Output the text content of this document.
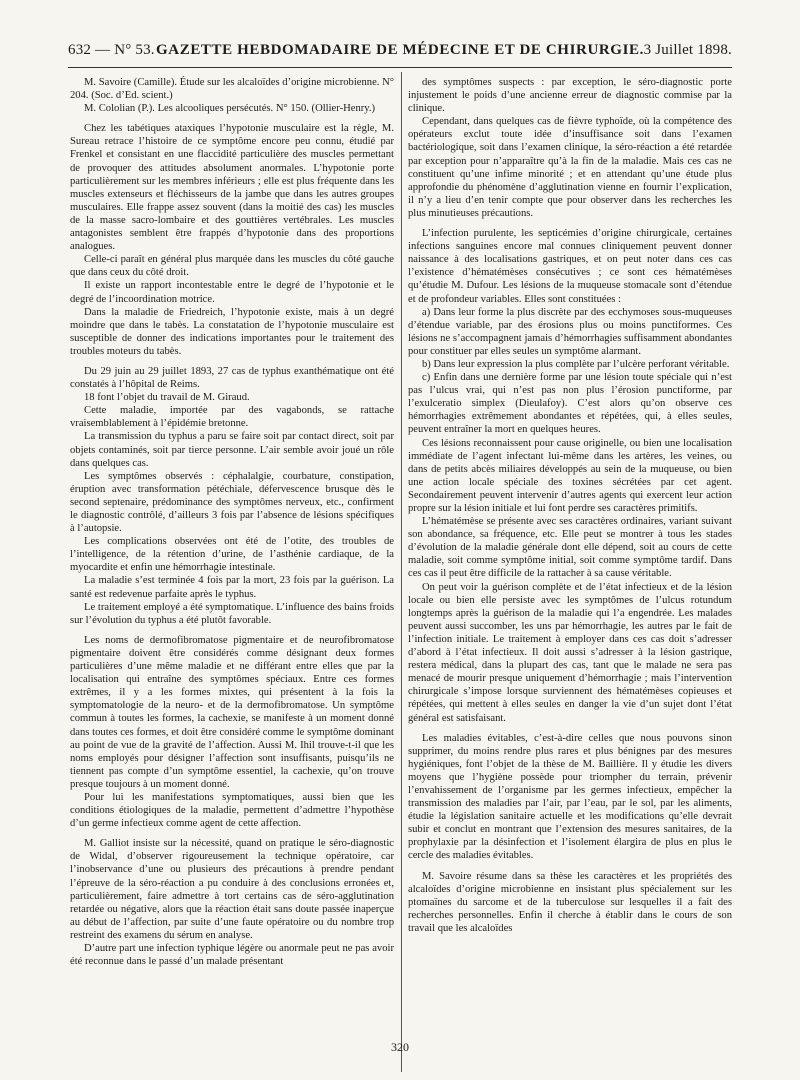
632 — N° 53. GAZETTE HEBDOMADAIRE DE MÉDECINE ET DE CHIRURGIE. 3 Juillet 1898.

M. Savoire (Camille). Étude sur les alcaloïdes d’origine microbienne. N° 204. (Soc. d’Ed. scient.)

M. Cololian (P.). Les alcooliques persécutés. N° 150. (Ollier-Henry.)

Chez les tabétiques ataxiques l’hypotonie musculaire est la règle, M. Sureau retrace l’histoire de ce symptôme encore peu connu, étudié par Frenkel et consistant en une flaccidité particulière des muscles permettant de provoquer des attitudes absolument anormales. L’hypotonie porte particulièrement sur les membres inférieurs ; elle est plus fréquente dans les muscles extenseurs et fléchisseurs de la jambe que dans les autres groupes musculaires. Elle frappe assez souvent (dans la moitié des cas) les muscles de la masse sacro-lombaire et des gouttières vertébrales. Les muscles antagonistes semblent être frappés d’hypotonie dans des proportions analogues.

Celle-ci paraît en général plus marquée dans les muscles du côté gauche que dans ceux du côté droit.

Il existe un rapport incontestable entre le degré de l’hypotonie et le degré de l’incoordination motrice.

Dans la maladie de Friedreich, l’hypotonie existe, mais à un degré moindre que dans le tabès. La constatation de l’hypotonie musculaire est susceptible de donner des indications importantes pour le traitement des troubles moteurs du tabès.

Du 29 juin au 29 juillet 1893, 27 cas de typhus exanthématique ont été constatés à l’hôpital de Reims.

18 font l’objet du travail de M. Giraud.

Cette maladie, importée par des vagabonds, se rattache vraisemblablement à l’épidémie bretonne.

La transmission du typhus a paru se faire soit par contact direct, soit par objets contaminés, soit par tierce personne. L’air semble avoir joué un rôle dans quelques cas.

Les symptômes observés : céphalalgie, courbature, constipation, éruption avec transformation pétéchiale, défervescence brusque dès le second septenaire, prédominance des symptômes nerveux, etc., confirment le diagnostic contrôlé, d’ailleurs 3 fois par l’absence de lésions spécifiques à l’autopsie.

Les complications observées ont été de l’otite, des troubles de l’intelligence, de la rétention d’urine, de l’asthénie cardiaque, de la myocardite et enfin une hémorrhagie intestinale.

La maladie s’est terminée 4 fois par la mort, 23 fois par la guérison. La santé est redevenue parfaite après le typhus.

Le traitement employé a été symptomatique. L’influence des bains froids sur l’évolution du typhus a été plutôt favorable.

Les noms de dermofibromatose pigmentaire et de neurofibromatose pigmentaire doivent être considérés comme désignant deux formes particulières d’une même maladie et ne différant entre elles que par la localisation qui entraîne des symptômes spéciaux. Entre ces formes extrêmes, il y a les formes mixtes, qui présentent à la fois la symptomatologie de la neuro- et de la dermofibromatose. Un symptôme commun à toutes les formes, la cachexie, se manifeste à un moment donné dans toutes ces formes, et doit être considéré comme le symptôme dominant au point de vue de la gravité de l’affection. Aussi M. Ihil trouve-t-il que les noms employés pour désigner l’affection sont insuffisants, puisqu’ils ne tiennent pas compte d’un symptôme essentiel, la cachexie, qu’on trouve presque toujours à un moment donné.

Pour lui les manifestations symptomatiques, aussi bien que les conditions étiologiques de la maladie, permettent d’admettre l’hypothèse d’un germe infectieux comme agent de cette affection.

M. Galliot insiste sur la nécessité, quand on pratique le séro-diagnostic de Widal, d’observer rigoureusement la technique opératoire, car l’inobservance d’une ou plusieurs des précautions à prendre pendant l’épreuve de la séro-réaction a pu conduire à des conclusions erronées et, particulièrement, faire admettre à tort certains cas de séro-agglutination retardée ou négative, alors que la réaction était sans doute passée inaperçue au début de l’affection, par suite d’une faute opératoire ou du nombre trop restreint des examens du sérum en analyse.

D’autre part une infection typhique légère ou anormale peut ne pas avoir été reconnue dans le passé d’un malade présentant

des symptômes suspects : par exception, le séro-diagnostic porte injustement le poids d’une ancienne erreur de diagnostic commise par la clinique.

Cependant, dans quelques cas de fièvre typhoïde, où la compétence des opérateurs exclut toute idée d’insuffisance soit dans l’examen bactériologique, soit dans l’examen clinique, la séro-réaction a été retardée par exception pour n’apparaître qu’à la fin de la maladie. Mais ces cas ne constituent qu’une infime minorité ; et en attendant qu’une étude plus approfondie du phénomène d’agglutination vienne en fournir l’explication, il n’y a lieu d’en tenir compte que pour observer dans les recherches les plus minutieuses précautions.

L’infection purulente, les septicémies d’origine chirurgicale, certaines infections sanguines encore mal connues cliniquement peuvent donner naissance à des localisations gastriques, et on peut noter dans ces cas l’existence d’hématémèses consécutives ; ce sont ces hématémèses qu’étudie M. Dufour. Les lésions de la muqueuse stomacale sont d’étendue et de profondeur variables. Elles sont constituées :

a) Dans leur forme la plus discrète par des ecchymoses sous-muqueuses d’étendue variable, par des érosions plus ou moins punctiformes. Ces lésions ne s’accompagnent jamais d’hémorrhagies suffisamment abondantes pour constituer par elles seules un symptôme alarmant.

b) Dans leur expression la plus complète par l’ulcère perforant véritable.

c) Enfin dans une dernière forme par une lésion toute spéciale qui n’est pas l’ulcus vrai, qui n’est pas non plus l’érosion punctiforme, par l’exulceratio simplex (Dieulafoy). C’est alors qu’on observe ces hémorrhagies extrêmement abondantes et répétées, qui, à elles seules, peuvent entraîner la mort en quelques heures.

Ces lésions reconnaissent pour cause originelle, ou bien une localisation immédiate de l’agent infectant lui-même dans les artères, les veines, ou dans de petits abcès miliaires développés au sein de la muqueuse, ou bien une action locale spéciale des toxines sécrétées par cet agent. Secondairement peuvent intervenir d’autres agents qui exercent leur action propre sur la lésion initiale et lui font perdre ses caractères primitifs.

L’hématémèse se présente avec ses caractères ordinaires, variant suivant son abondance, sa fréquence, etc. Elle peut se montrer à tous les stades d’évolution de la maladie générale dont elle dépend, soit au cours de cette maladie, soit comme symptôme initial, soit comme symptôme tardif. Dans ces cas il peut être difficile de la rattacher à sa cause véritable.

On peut voir la guérison complète et de l’état infectieux et de la lésion locale ou bien elle persiste avec les symptômes de l’ulcus rotundum longtemps après la guérison de la maladie qui l’a engendrée. Les malades peuvent aussi succomber, les uns par hémorrhagie, les autres par le fait de l’infection initiale. Le traitement à employer dans ces cas doit s’adresser d’abord à l’état infectieux. Il doit aussi s’adresser à la lésion gastrique, restera médical, dans la plupart des cas, tant que le malade ne sera pas menacé de mourir presque uniquement d’hémorrhagie ; mais l’intervention chirurgicale s’impose lorsque surviennent des hématémèses copieuses et répétées, qui mettent à elles seules en danger la vie d’un sujet dont l’état général est satisfaisant.

Les maladies évitables, c’est-à-dire celles que nous pouvons sinon supprimer, du moins rendre plus rares et plus bénignes par des mesures hygiéniques, font l’objet de la thèse de M. Baillière. Il y étudie les divers moyens que l’hygiène possède pour triompher du terrain, prévenir l’envahissement de l’organisme par les germes infectieux, empêcher la transmission des maladies par l’air, par l’eau, par le sol, par les aliments, étudie la législation sanitaire actuelle et les modifications qu’elle devrait subir et conclut en montrant que l’extension des mesures sanitaires, de la prophylaxie par la désinfection et l’isolement élargira de plus en plus le cercle des maladies évitables.

M. Savoire résume dans sa thèse les caractères et les propriétés des alcaloïdes d’origine microbienne en insistant plus spécialement sur les ptomaïnes du sarcome et de la tuberculose sur lesquelles il a fait des recherches personnelles. Enfin il cherche à établir dans le cours de son travail que les alcaloïdes

320
